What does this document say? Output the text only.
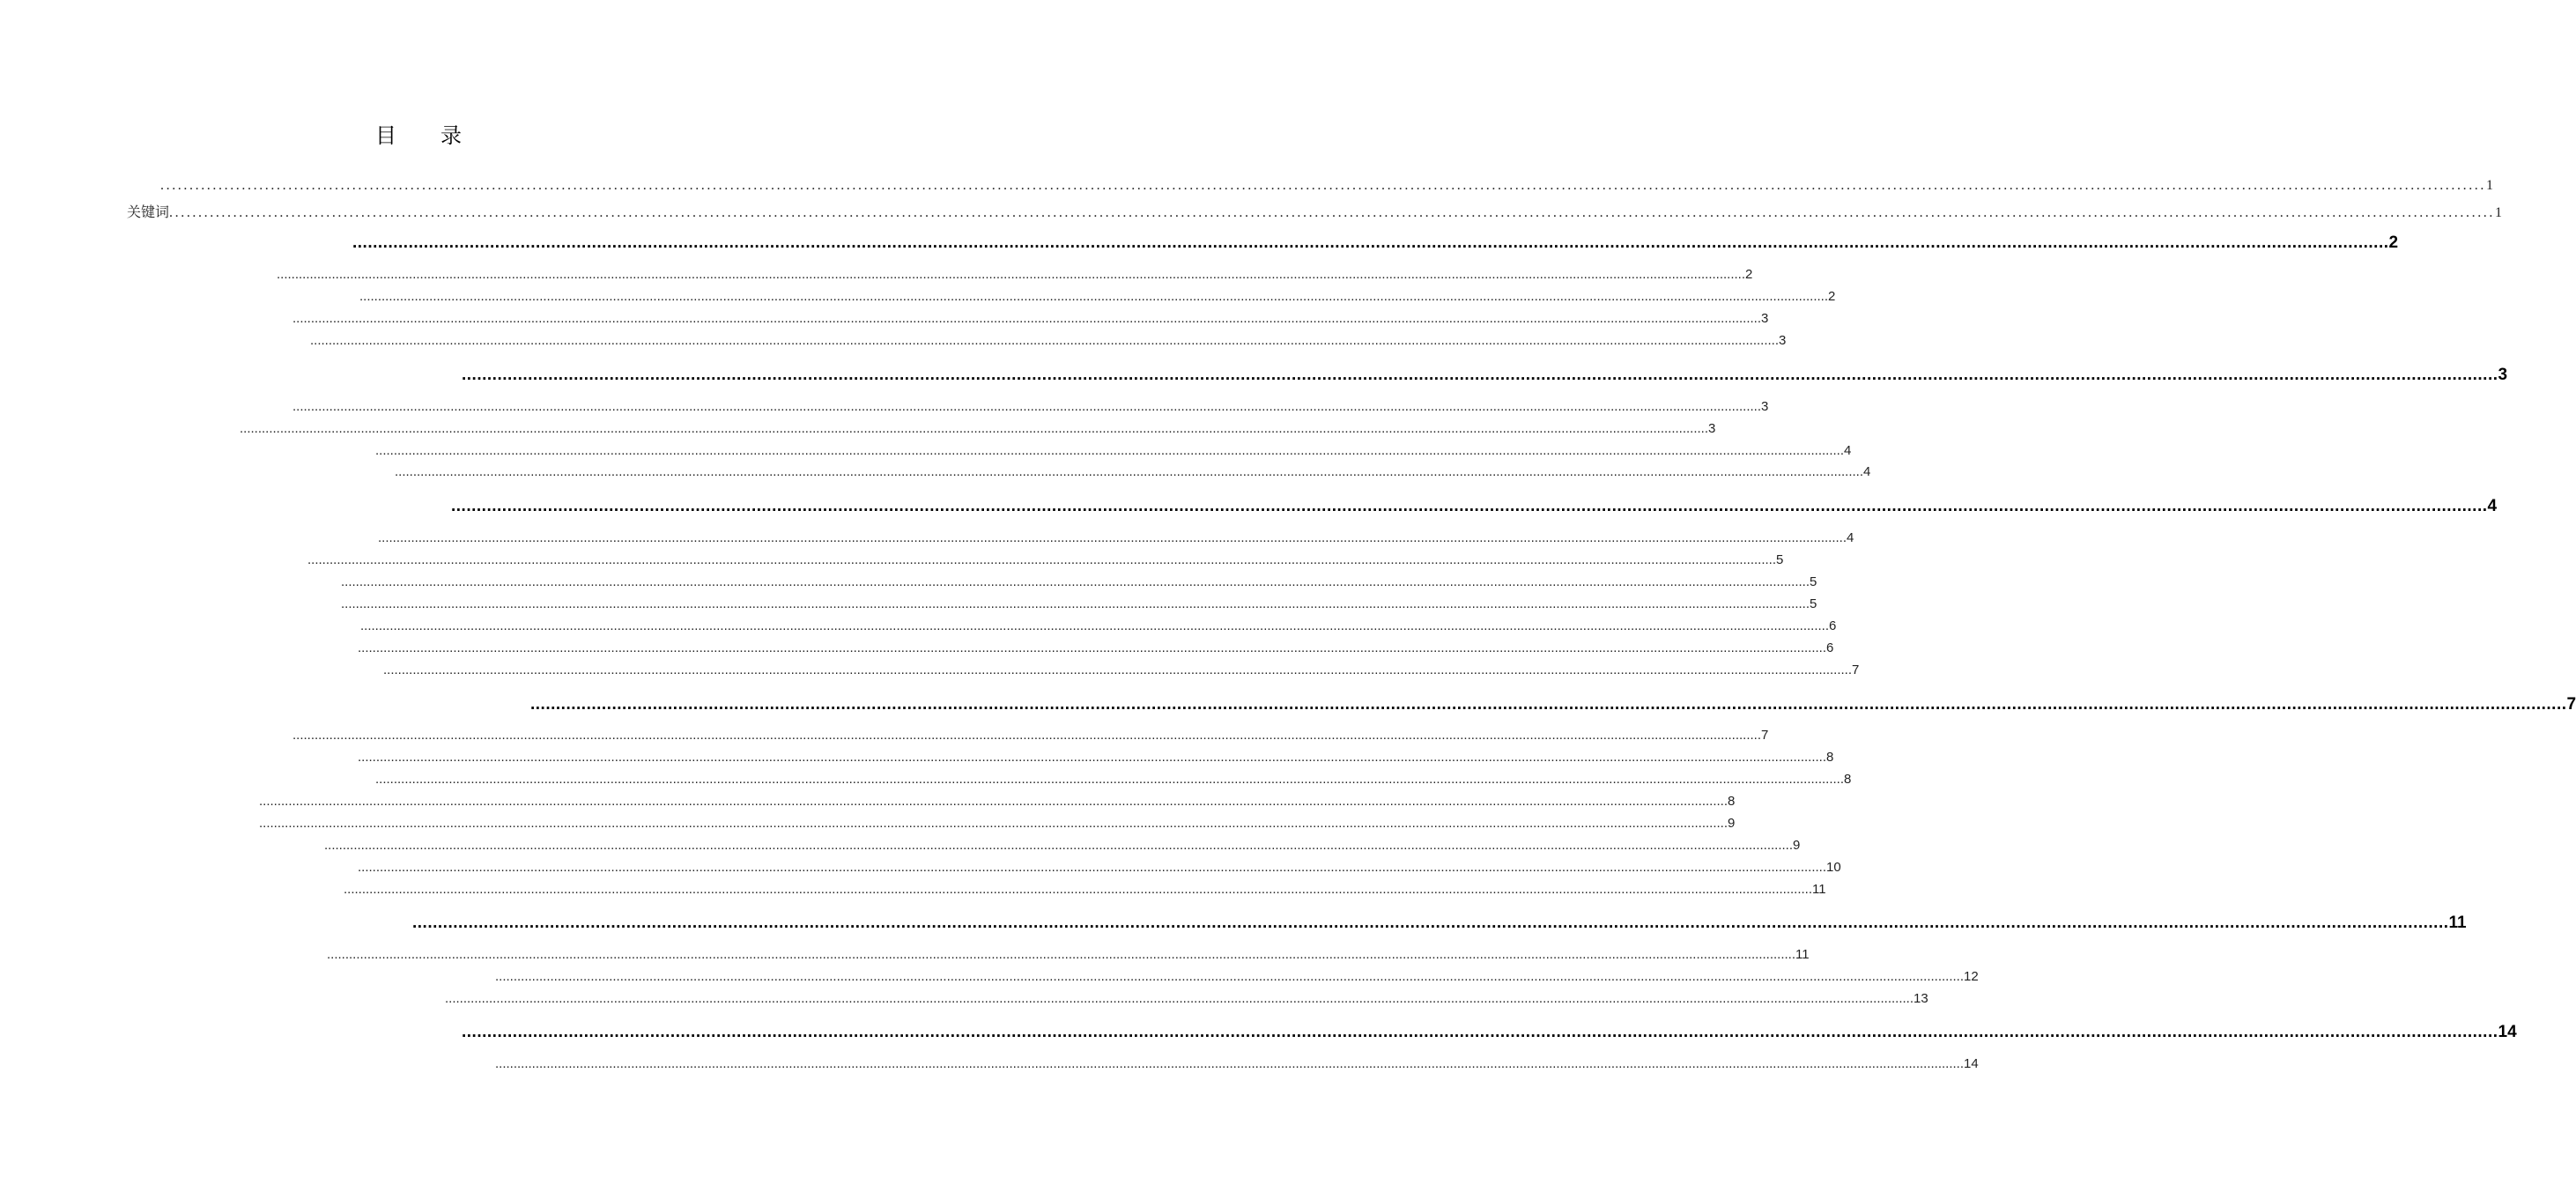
目 录
................................................................................................................................................................................................................................................................................................................................................................................................................ 1
关键词 ................................................................................................................................................................................................................................................................................................................................................................................................................ 1
................................................................................................................................................................................................................................................................................................................................................................................................................ 2
................................................................................................................................................................................................................................................................................................................................................................................................................ 2
................................................................................................................................................................................................................................................................................................................................................................................................................ 2
................................................................................................................................................................................................................................................................................................................................................................................................................ 3
................................................................................................................................................................................................................................................................................................................................................................................................................ 3
................................................................................................................................................................................................................................................................................................................................................................................................................ 3
................................................................................................................................................................................................................................................................................................................................................................................................................ 3
................................................................................................................................................................................................................................................................................................................................................................................................................ 3
................................................................................................................................................................................................................................................................................................................................................................................................................ 4
................................................................................................................................................................................................................................................................................................................................................................................................................ 4
................................................................................................................................................................................................................................................................................................................................................................................................................ 4
................................................................................................................................................................................................................................................................................................................................................................................................................ 4
................................................................................................................................................................................................................................................................................................................................................................................................................ 5
................................................................................................................................................................................................................................................................................................................................................................................................................ 5
................................................................................................................................................................................................................................................................................................................................................................................................................ 5
................................................................................................................................................................................................................................................................................................................................................................................................................ 6
................................................................................................................................................................................................................................................................................................................................................................................................................ 6
................................................................................................................................................................................................................................................................................................................................................................................................................ 7
................................................................................................................................................................................................................................................................................................................................................................................................................ 7
................................................................................................................................................................................................................................................................................................................................................................................................................ 7
................................................................................................................................................................................................................................................................................................................................................................................................................ 8
................................................................................................................................................................................................................................................................................................................................................................................................................ 8
................................................................................................................................................................................................................................................................................................................................................................................................................ 8
................................................................................................................................................................................................................................................................................................................................................................................................................ 9
................................................................................................................................................................................................................................................................................................................................................................................................................ 9
................................................................................................................................................................................................................................................................................................................................................................................................................ 10
................................................................................................................................................................................................................................................................................................................................................................................................................ 11
................................................................................................................................................................................................................................................................................................................................................................................................................ 11
................................................................................................................................................................................................................................................................................................................................................................................................................ 11
................................................................................................................................................................................................................................................................................................................................................................................................................ 12
................................................................................................................................................................................................................................................................................................................................................................................................................ 13
................................................................................................................................................................................................................................................................................................................................................................................................................ 14
................................................................................................................................................................................................................................................................................................................................................................................................................ 14
